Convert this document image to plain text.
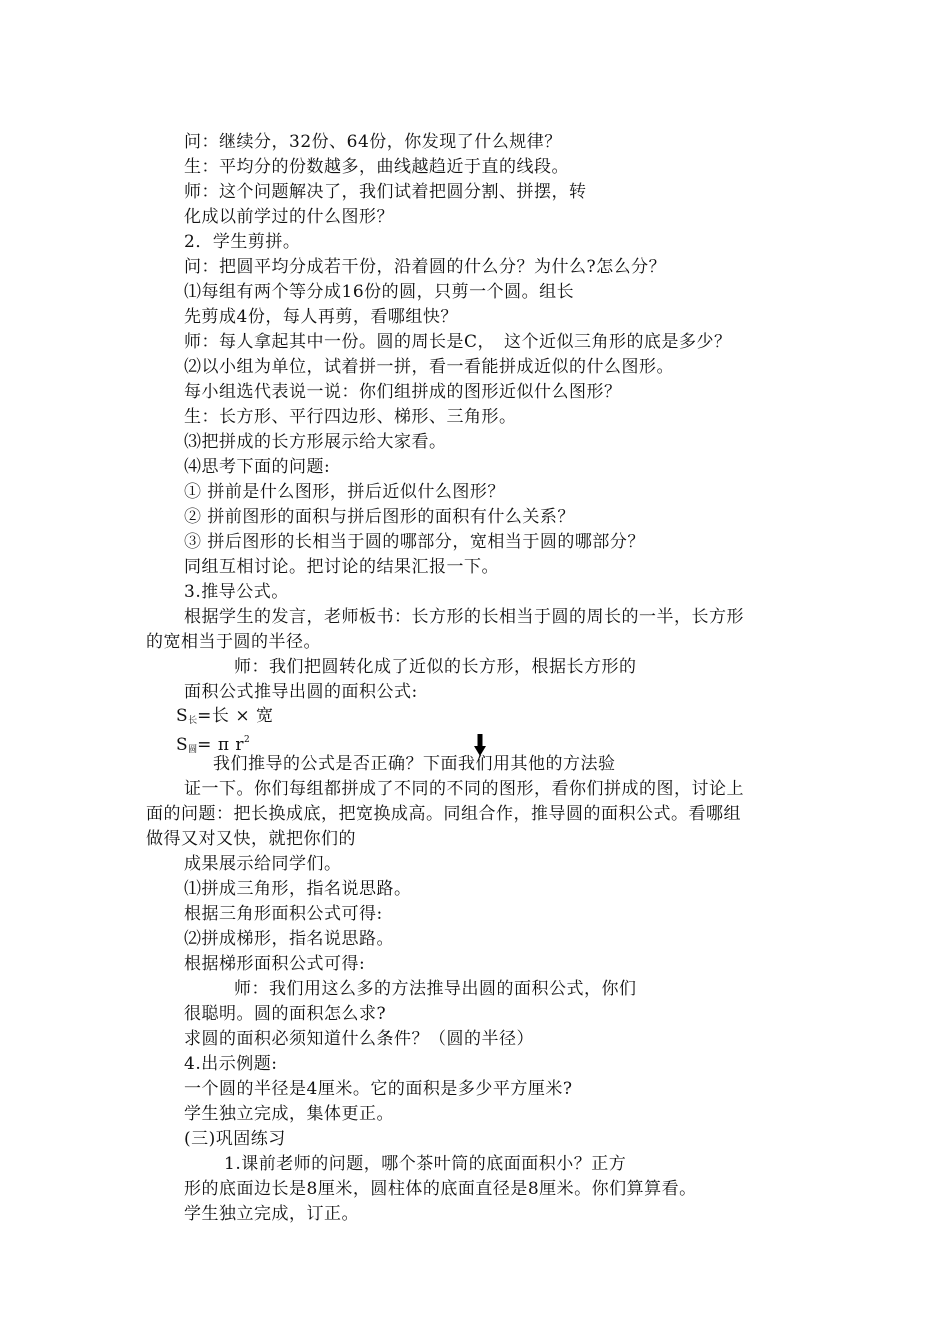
问：继续分，32份、64份，你发现了什么规律？
生：平均分的份数越多，曲线越趋近于直的线段。
师：这个问题解决了，我们试着把圆分割、拼摆，转
化成以前学过的什么图形？
2．学生剪拼。
问：把圆平均分成若干份，沿着圆的什么分？为什么?怎么分？
⑴每组有两个等分成16份的圆，只剪一个圆。组长
先剪成4份，每人再剪，看哪组快？
师：每人拿起其中一份。圆的周长是C，　这个近似三角形的底是多少？
⑵以小组为单位，试着拼一拼，看一看能拼成近似的什么图形。
每小组选代表说一说：你们组拼成的图形近似什么图形？
生：长方形、平行四边形、梯形、三角形。
⑶把拼成的长方形展示给大家看。
⑷思考下面的问题:
① 拼前是什么图形，拼后近似什么图形？
② 拼前图形的面积与拼后图形的面积有什么关系？
③ 拼后图形的长相当于圆的哪部分，宽相当于圆的哪部分？
同组互相讨论。把讨论的结果汇报一下。
3.推导公式。
根据学生的发言，老师板书：长方形的长相当于圆的周长的一半，长方形
的宽相当于圆的半径。
师：我们把圆转化成了近似的长方形，根据长方形的
面积公式推导出圆的面积公式:
$S_长=$长 × 宽
$S_圆= \pi$ $r^2$
我们推导的公式是否正确？下面我们用其他的方法验
证一下。你们每组都拼成了不同的不同的图形，看你们拼成的图，讨论上
面的问题：把长换成底，把宽换成高。同组合作，推导圆的面积公式。看哪组
做得又对又快，就把你们的
成果展示给同学们。
⑴拼成三角形，指名说思路。
根据三角形面积公式可得:
⑵拼成梯形，指名说思路。
根据梯形面积公式可得:
师：我们用这么多的方法推导出圆的面积公式，你们
很聪明。圆的面积怎么求?
求圆的面积必须知道什么条件？（圆的半径）
4.出示例题:
一个圆的半径是4厘米。它的面积是多少平方厘米?
学生独立完成，集体更正。
(三)巩固练习
1.课前老师的问题，哪个茶叶筒的底面面积小？正方
形的底面边长是8厘米，圆柱体的底面直径是8厘米。你们算算看。
学生独立完成，订正。
